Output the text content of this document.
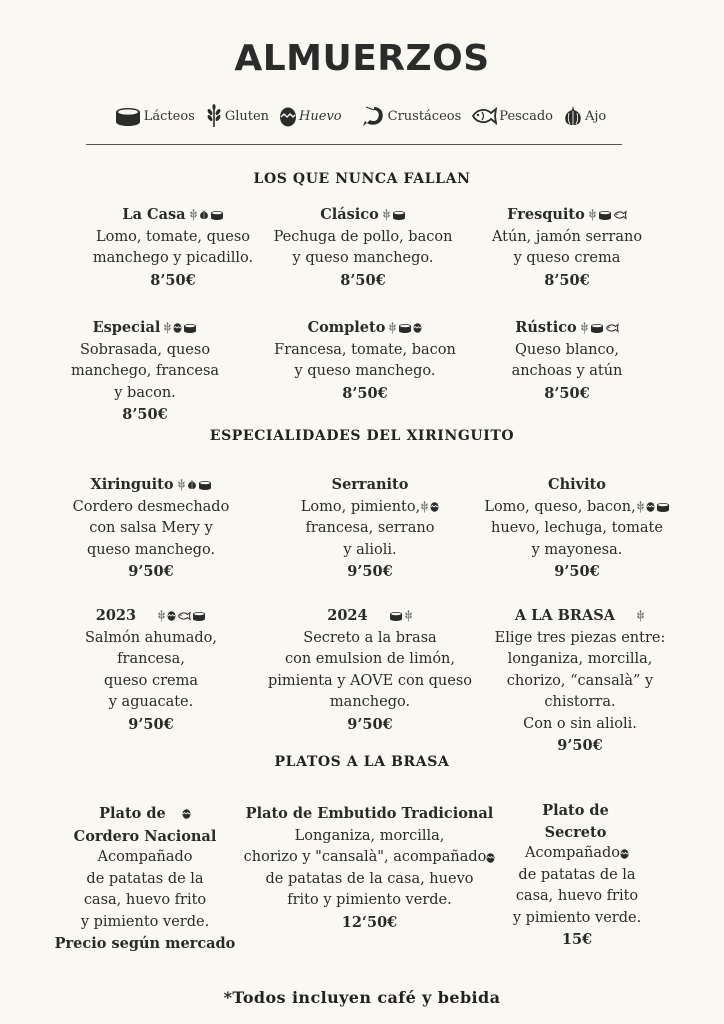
ALMUERZOS
Lácteos Gluten Huevo	Crustáceos	Pescado Ajo
LOS QUE NUNCA FALLAN
La Casa
Lomo, tomate, queso
manchego y picadillo.
8’50€
Clásico
Pechuga de pollo, bacon
y queso manchego.
8’50€
Fresquito
Atún, jamón serrano
y queso crema
8’50€
Especial
Sobrasada, queso
manchego, francesa
y bacon.
8’50€
Completo
Francesa, tomate, bacon
y queso manchego.
8’50€
Rústico
Queso blanco,
anchoas y atún
8’50€
ESPECIALIDADES DEL XIRINGUITO
Xiringuito
Cordero desmechado
con salsa Mery y
queso manchego.
9’50€
Serranito
Lomo, pimiento,
francesa, serrano
y alioli.
9’50€
Chivito
Lomo, queso, bacon,
huevo, lechuga, tomate
y mayonesa.
9’50€
2023

Salmón ahumado,
francesa,
queso crema
y aguacate.
9’50€
2024

Secreto a la brasa
con emulsion de limón,
pimienta y AOVE con queso
manchego.
9’50€
A LA BRASA

Elige tres piezas entre:
longaniza, morcilla,
chorizo, “cansalà” y
chistorra.
Con o sin alioli.
9’50€
PLATOS A LA BRASA
Plato de

Cordero Nacional
Acompañado
de patatas de la
casa, huevo frito
y pimiento verde.
Precio según mercado
Plato de Embutido Tradicional
Longaniza, morcilla,
chorizo y "cansalà", acompañado
de patatas de la casa, huevo
frito y pimiento verde.
12‘50€
Plato de
Secreto
Acompañado
de patatas de la
casa, huevo frito
y pimiento verde.
15€
*Todos incluyen café y bebida
